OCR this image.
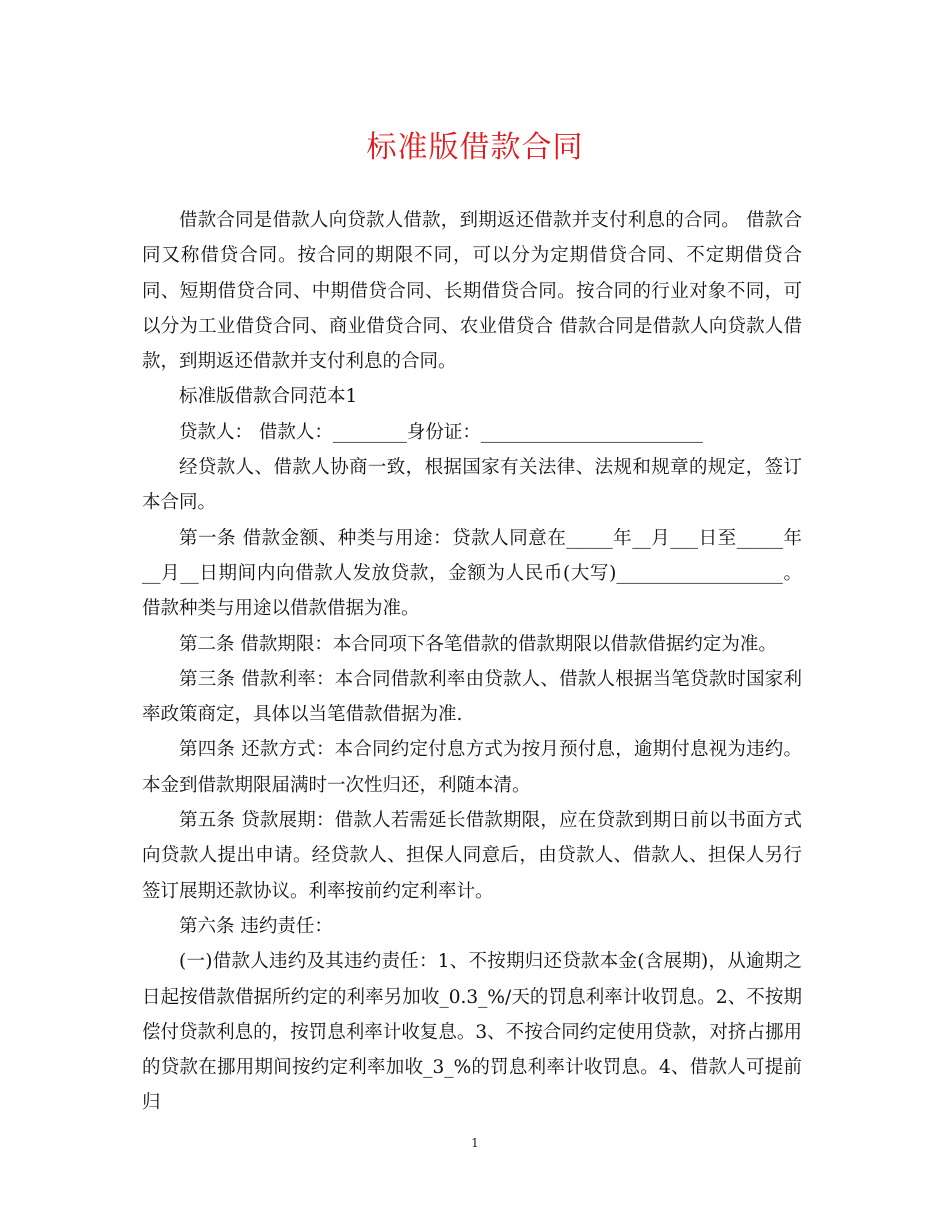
标准版借款合同

借款合同是借款人向贷款人借款，到期返还借款并支付利息的合同。 借款合同又称借贷合同。按合同的期限不同，可以分为定期借贷合同、不定期借贷合同、短期借贷合同、中期借贷合同、长期借贷合同。按合同的行业对象不同，可以分为工业借贷合同、商业借贷合同、农业借贷合 借款合同是借款人向贷款人借款，到期返还借款并支付利息的合同。

标准版借款合同范本1

贷款人： 借款人：________身份证：________________________

经贷款人、借款人协商一致，根据国家有关法律、法规和规章的规定，签订本合同。

第一条 借款金额、种类与用途：贷款人同意在_____年__月___日至_____年__月__日期间内向借款人发放贷款，金额为人民币(大写)__________________。借款种类与用途以借款借据为准。

第二条 借款期限：本合同项下各笔借款的借款期限以借款借据约定为准。

第三条 借款利率：本合同借款利率由贷款人、借款人根据当笔贷款时国家利率政策商定，具体以当笔借款借据为准.

第四条 还款方式：本合同约定付息方式为按月预付息，逾期付息视为违约。本金到借款期限届满时一次性归还，利随本清。

第五条 贷款展期：借款人若需延长借款期限，应在贷款到期日前以书面方式向贷款人提出申请。经贷款人、担保人同意后，由贷款人、借款人、担保人另行签订展期还款协议。利率按前约定利率计。

第六条 违约责任：

(一)借款人违约及其违约责任：1、不按期归还贷款本金(含展期)，从逾期之日起按借款借据所约定的利率另加收_0.3_%/天的罚息利率计收罚息。2、不按期偿付贷款利息的，按罚息利率计收复息。3、不按合同约定使用贷款，对挤占挪用的贷款在挪用期间按约定利率加收_3_%的罚息利率计收罚息。4、借款人可提前归

1
